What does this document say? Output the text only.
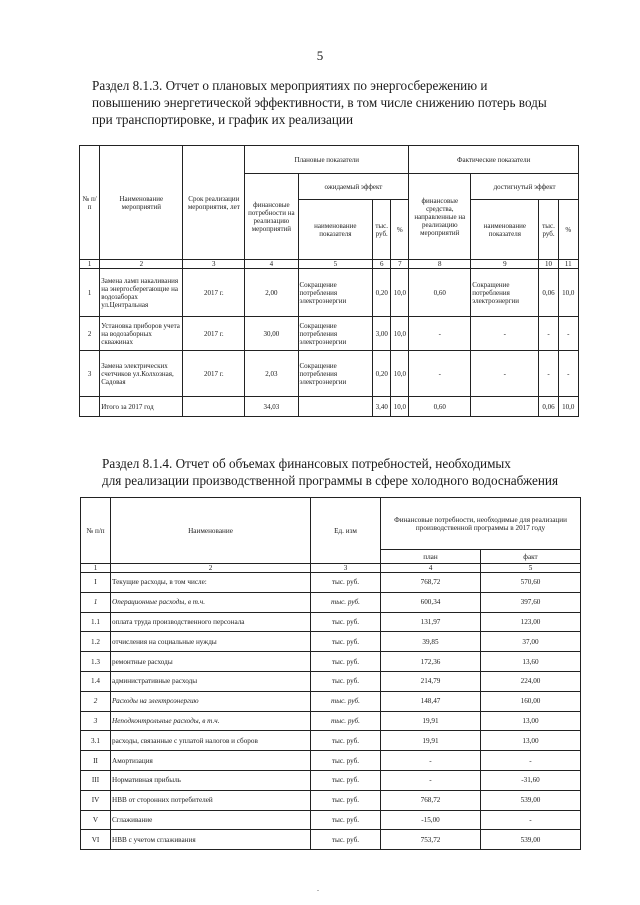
5
Раздел 8.1.3. Отчет о плановых мероприятиях по энергосбережению и
повышению энергетической эффективности, в том числе снижению потерь воды
при транспортировке, и график их реализации
№ п/п	Наименование мероприятий	Срок реализации мероприятия, лет	Плановые показатели				Фактические показатели			
			финансовые потребности на реализацию мероприятий	ожидаемый эффект			финансовые средства, направленные на реализацию мероприятий	достигнутый эффект		
				наименование показателя	тыс. руб.	%		наименование показателя	тыс. руб.	%
1	2	3	4	5	6	7	8	9	10	11
1	Замена ламп накаливания на энергосберегающие на водозаборах ул.Центральная	2017 г.	2,00	Сокращение потребления электроэнергии	0,20	10,0	0,60	Сокращение потребления электроэнергии	0,06	10,0
2	Установка приборов учета на водозаборных скважинах	2017 г.	30,00	Сокращение потребления электроэнергии	3,00	10,0	-	-	-	-
3	Замена электрических счетчиков ул.Колхозная, Садовая	2017 г.	2,03	Сокращение потребления электроэнергии	0,20	10,0	-	-	-	-
	Итого за 2017 год		34,03		3,40	10,0	0,60		0,06	10,0
Раздел 8.1.4. Отчет об объемах финансовых потребностей, необходимых
для реализации производственной программы в сфере холодного водоснабжения
№ п/п	Наименование	Ед. изм	Финансовые потребности, необходимые для реализации производственной программы в 2017 году	
			план	факт
1	2	3	4	5
I	Текущие расходы, в том числе:	тыс. руб.	768,72	570,60
1	Операционные расходы, в т.ч.	тыс. руб.	600,34	397,60
1.1	оплата труда производственного персонала	тыс. руб.	131,97	123,00
1.2	отчисления на социальные нужды	тыс. руб.	39,85	37,00
1.3	ремонтные расходы	тыс. руб.	172,36	13,60
1.4	административные расходы	тыс. руб.	214,79	224,00
2	Расходы на электроэнергию	тыс. руб.	148,47	160,00
3	Неподконтрольные расходы, в т.ч.	тыс. руб.	19,91	13,00
3.1	расходы, связанные с уплатой налогов и сборов	тыс. руб.	19,91	13,00
II	Амортизация	тыс. руб.	-	-
III	Нормативная прибыль	тыс. руб.	-	-31,60
IV	НВВ от сторонних потребителей	тыс. руб.	768,72	539,00
V	Сглаживание	тыс. руб.	-15,00	-
VI	НВВ с учетом сглаживания	тыс. руб.	753,72	539,00
.
